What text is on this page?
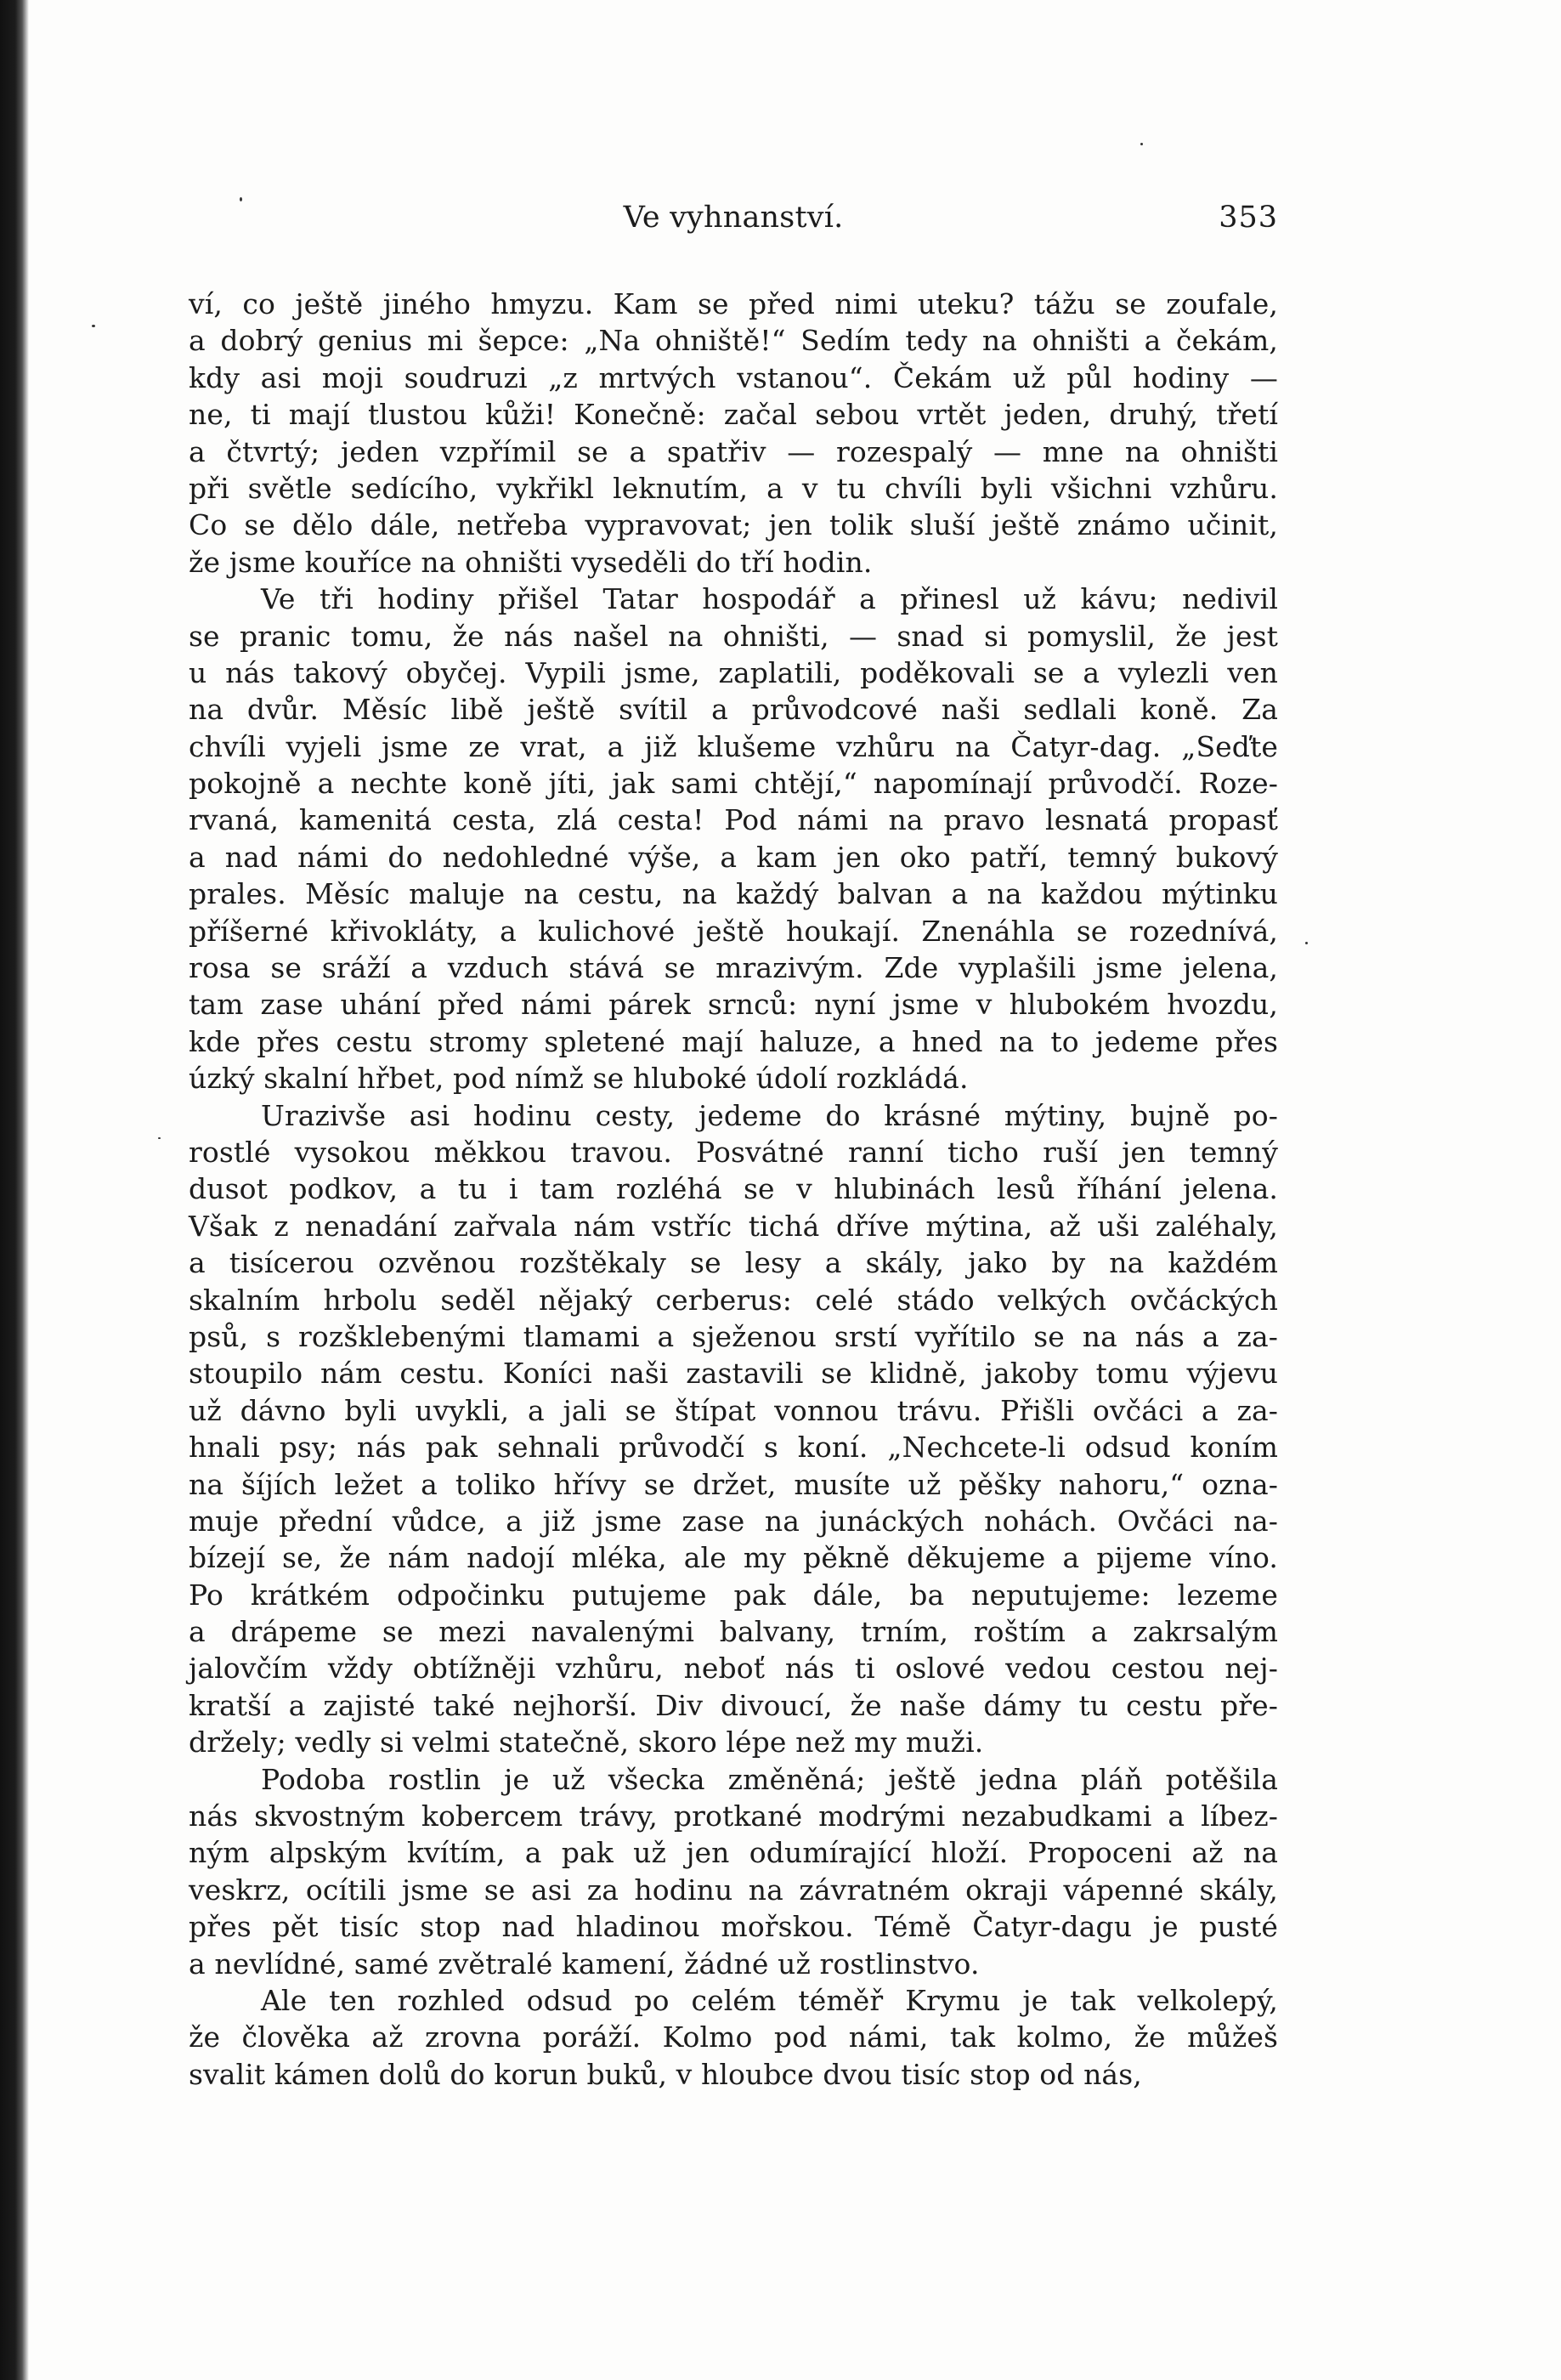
Ve vyhnanství.	353
ví, co ještě jiného hmyzu. Kam se před nimi uteku? tážu se zoufale,
a dobrý genius mi šepce: „Na ohniště!“ Sedím tedy na ohništi a čekám,
kdy asi moji soudruzi „z mrtvých vstanou“. Čekám už půl hodiny —
ne, ti mají tlustou kůži! Konečně: začal sebou vrtět jeden, druhý, třetí
a čtvrtý; jeden vzpřímil se a spatřiv — rozespalý — mne na ohništi
při světle sedícího, vykřikl leknutím, a v tu chvíli byli všichni vzhůru.
Co se dělo dále, netřeba vypravovat; jen tolik sluší ještě známo učinit,
že jsme kouříce na ohništi vyseděli do tří hodin.
Ve tři hodiny přišel Tatar hospodář a přinesl už kávu; nedivil
se pranic tomu, že nás našel na ohništi, — snad si pomyslil, že jest
u nás takový obyčej. Vypili jsme, zaplatili, poděkovali se a vylezli ven
na dvůr. Měsíc libě ještě svítil a průvodcové naši sedlali koně. Za
chvíli vyjeli jsme ze vrat, a již klušeme vzhůru na Čatyr-dag. „Seďte
pokojně a nechte koně jíti, jak sami chtějí,“ napomínají průvodčí. Roze-
rvaná, kamenitá cesta, zlá cesta! Pod námi na pravo lesnatá propasť
a nad námi do nedohledné výše, a kam jen oko patří, temný bukový
prales. Měsíc maluje na cestu, na každý balvan a na každou mýtinku
příšerné křivokláty, a kulichové ještě houkají. Znenáhla se rozednívá,
rosa se sráží a vzduch stává se mrazivým. Zde vyplašili jsme jelena,
tam zase uhání před námi párek srnců: nyní jsme v hlubokém hvozdu,
kde přes cestu stromy spletené mají haluze, a hned na to jedeme přes
úzký skalní hřbet, pod nímž se hluboké údolí rozkládá.
Urazivše asi hodinu cesty, jedeme do krásné mýtiny, bujně po-
rostlé vysokou měkkou travou. Posvátné ranní ticho ruší jen temný
dusot podkov, a tu i tam rozléhá se v hlubinách lesů říhání jelena.
Však z nenadání zařvala nám vstříc tichá dříve mýtina, až uši zaléhaly,
a tisícerou ozvěnou rozštěkaly se lesy a skály, jako by na každém
skalním hrbolu seděl nějaký cerberus: celé stádo velkých ovčáckých
psů, s rozšklebenými tlamami a sježenou srstí vyřítilo se na nás a za-
stoupilo nám cestu. Koníci naši zastavili se klidně, jakoby tomu výjevu
už dávno byli uvykli, a jali se štípat vonnou trávu. Přišli ovčáci a za-
hnali psy; nás pak sehnali průvodčí s koní. „Nechcete-li odsud koním
na šíjích ležet a toliko hřívy se držet, musíte už pěšky nahoru,“ ozna-
muje přední vůdce, a již jsme zase na junáckých nohách. Ovčáci na-
bízejí se, že nám nadojí mléka, ale my pěkně děkujeme a pijeme víno.
Po krátkém odpočinku putujeme pak dále, ba neputujeme: lezeme
a drápeme se mezi navalenými balvany, trním, roštím a zakrsalým
jalovčím vždy obtížněji vzhůru, neboť nás ti oslové vedou cestou nej-
kratší a zajisté také nejhorší. Div divoucí, že naše dámy tu cestu pře-
držely; vedly si velmi statečně, skoro lépe než my muži.
Podoba rostlin je už všecka změněná; ještě jedna pláň potěšila
nás skvostným kobercem trávy, protkané modrými nezabudkami a líbez-
ným alpským kvítím, a pak už jen odumírající hloží. Propoceni až na
veskrz, ocítili jsme se asi za hodinu na závratném okraji vápenné skály,
přes pět tisíc stop nad hladinou mořskou. Témě Čatyr-dagu je pusté
a nevlídné, samé zvětralé kamení, žádné už rostlinstvo.
Ale ten rozhled odsud po celém téměř Krymu je tak velkolepý,
že člověka až zrovna poráží. Kolmo pod námi, tak kolmo, že můžeš
svalit kámen dolů do korun buků, v hloubce dvou tisíc stop od nás,
